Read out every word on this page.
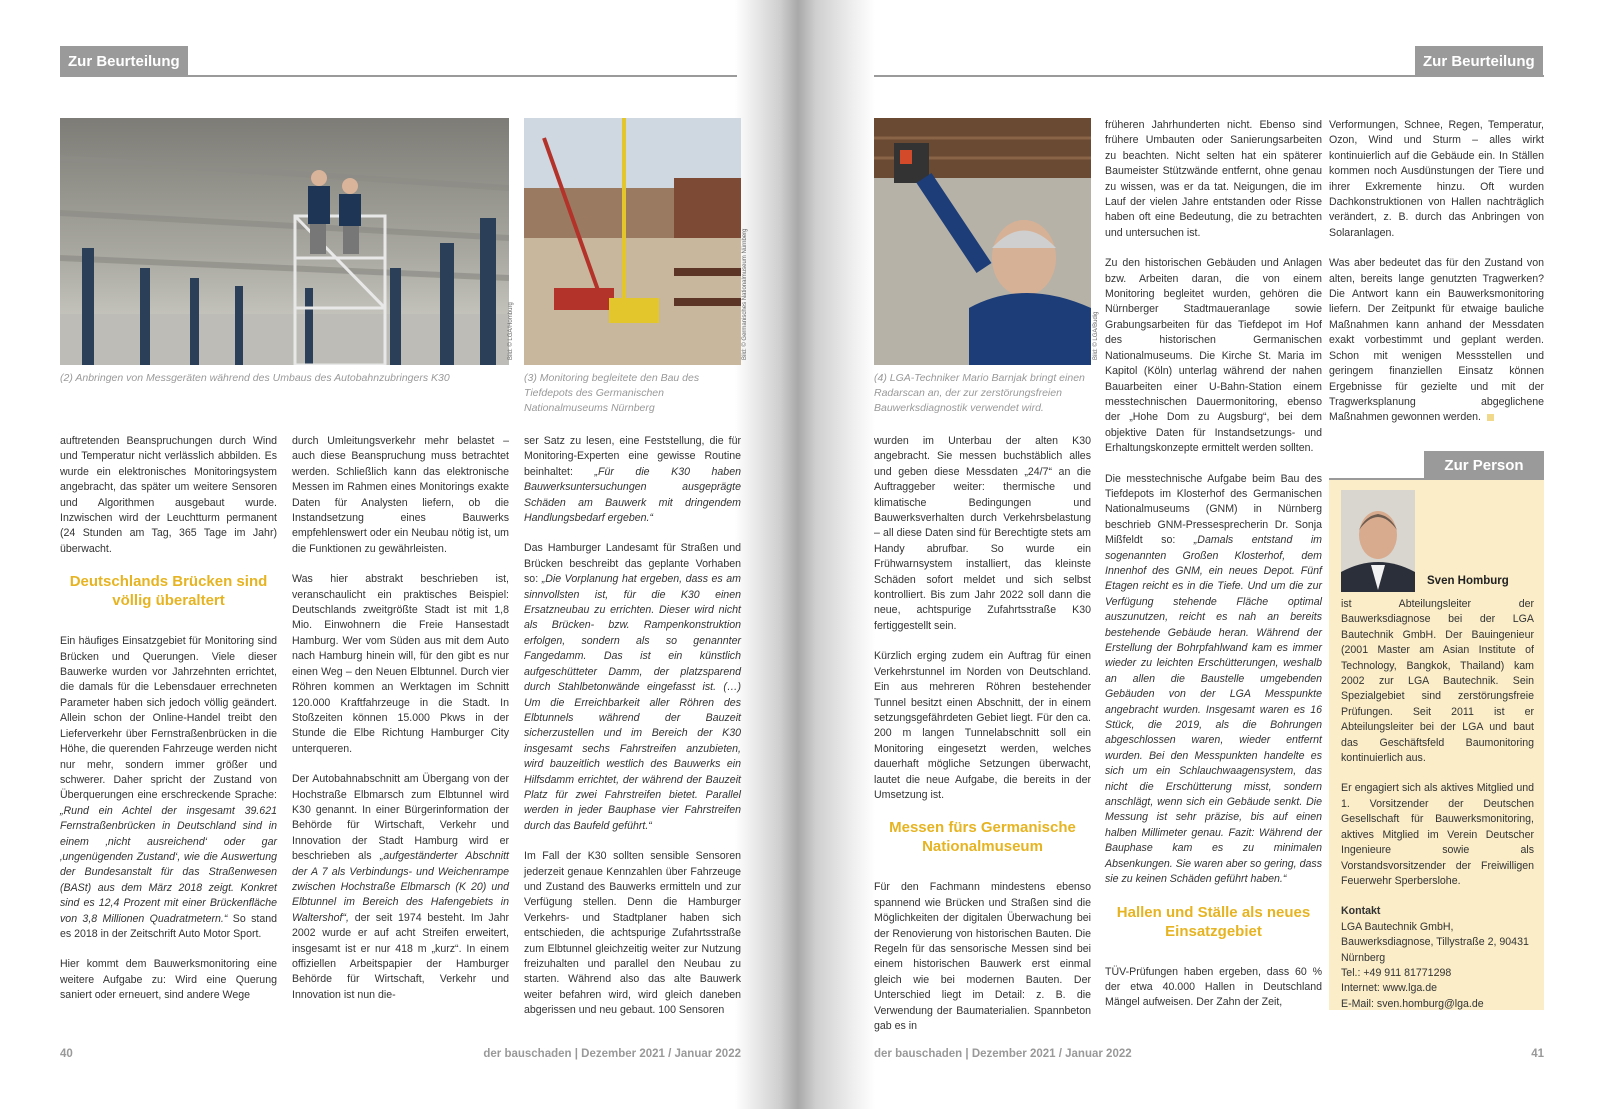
Zur Beurteilung	Zur Beurteilung
Bild: © LGA/Homburg
(2) Anbringen von Messgeräten während des Umbaus des Autobahnzubringers K30
Bild: © Germanisches Nationalmuseum Nürnberg
(3) Monitoring begleitete den Bau des Tiefdepots des Germanischen Nationalmuseums Nürnberg

auftretenden Beanspruchungen durch Wind und Temperatur nicht verlässlich abbilden. Es wurde ein elektronisches Monitoringsystem angebracht, das später um weitere Sensoren und Algorithmen ausgebaut wurde. Inzwischen wird der Leuchtturm permanent (24 Stunden am Tag, 365 Tage im Jahr) überwacht.

Deutschlands Brücken sind völlig überaltert

Ein häufiges Einsatzgebiet für Monitoring sind Brücken und Querungen. Viele dieser Bauwerke wurden vor Jahrzehnten errichtet, die damals für die Lebensdauer errechneten Parameter haben sich jedoch völlig geändert. Allein schon der Online-Handel treibt den Lieferverkehr über Fernstraßenbrücken in die Höhe, die querenden Fahrzeuge werden nicht nur mehr, sondern immer größer und schwerer. Daher spricht der Zustand von Überquerungen eine erschreckende Sprache: „Rund ein Achtel der insgesamt 39.621 Fernstraßenbrücken in Deutschland sind in einem ‚nicht ausreichend‘ oder gar ‚ungenügenden Zustand‘, wie die Auswertung der Bundesanstalt für das Straßenwesen (BASt) aus dem März 2018 zeigt. Konkret sind es 12,4 Prozent mit einer Brückenfläche von 3,8 Millionen Quadratmetern.“ So stand es 2018 in der Zeitschrift Auto Motor Sport.

Hier kommt dem Bauwerksmonitoring eine weitere Aufgabe zu: Wird eine Querung saniert oder erneuert, sind andere Wege

durch Umleitungsverkehr mehr belastet – auch diese Beanspruchung muss betrachtet werden. Schließlich kann das elektronische Messen im Rahmen eines Monitorings exakte Daten für Analysten liefern, ob die Instandsetzung eines Bauwerks empfehlenswert oder ein Neubau nötig ist, um die Funktionen zu gewährleisten.

Was hier abstrakt beschrieben ist, veranschaulicht ein praktisches Beispiel: Deutschlands zweitgrößte Stadt ist mit 1,8 Mio. Einwohnern die Freie Hansestadt Hamburg. Wer vom Süden aus mit dem Auto nach Hamburg hinein will, für den gibt es nur einen Weg – den Neuen Elbtunnel. Durch vier Röhren kommen an Werktagen im Schnitt 120.000 Kraftfahrzeuge in die Stadt. In Stoßzeiten können 15.000 Pkws in der Stunde die Elbe Richtung Hamburger City unterqueren.

Der Autobahnabschnitt am Übergang von der Hochstraße Elbmarsch zum Elbtunnel wird K30 genannt. In einer Bürgerinformation der Behörde für Wirtschaft, Verkehr und Innovation der Stadt Hamburg wird er beschrieben als „aufgeständerter Abschnitt der A 7 als Verbindungs- und Weichenrampe zwischen Hochstraße Elbmarsch (K 20) und Elbtunnel im Bereich des Hafengebiets in Waltershof“, der seit 1974 besteht. Im Jahr 2002 wurde er auf acht Streifen erweitert, insgesamt ist er nur 418 m „kurz“. In einem offiziellen Arbeitspapier der Hamburger Behörde für Wirtschaft, Verkehr und Innovation ist nun die-

ser Satz zu lesen, eine Feststellung, die für Monitoring-Experten eine gewisse Routine beinhaltet: „Für die K30 haben Bauwerksuntersuchungen ausgeprägte Schäden am Bauwerk mit dringendem Handlungsbedarf ergeben.“

Das Hamburger Landesamt für Straßen und Brücken beschreibt das geplante Vorhaben so: „Die Vorplanung hat ergeben, dass es am sinnvollsten ist, für die K30 einen Ersatzneubau zu errichten. Dieser wird nicht als Brücken- bzw. Rampenkonstruktion erfolgen, sondern als so genannter Fangedamm. Das ist ein künstlich aufgeschütteter Damm, der platzsparend durch Stahlbetonwände eingefasst ist. (…) Um die Erreichbarkeit aller Röhren des Elbtunnels während der Bauzeit sicherzustellen und im Bereich der K30 insgesamt sechs Fahrstreifen anzubieten, wird bauzeitlich westlich des Bauwerks ein Hilfsdamm errichtet, der während der Bauzeit Platz für zwei Fahrstreifen bietet. Parallel werden in jeder Bauphase vier Fahrstreifen durch das Baufeld geführt.“

Im Fall der K30 sollten sensible Sensoren jederzeit genaue Kennzahlen über Fahrzeuge und Zustand des Bauwerks ermitteln und zur Verfügung stellen. Denn die Hamburger Verkehrs- und Stadtplaner haben sich entschieden, die achtspurige Zufahrtsstraße zum Elbtunnel gleichzeitig weiter zur Nutzung freizuhalten und parallel den Neubau zu starten. Während also das alte Bauwerk weiter befahren wird, wird gleich daneben abgerissen und neu gebaut. 100 Sensoren

Bild: © LGA/Budig
(4) LGA-Techniker Mario Barnjak bringt einen Radarscan an, der zur zerstörungsfreien Bauwerksdiagnostik verwendet wird.

wurden im Unterbau der alten K30 angebracht. Sie messen buchstäblich alles und geben diese Messdaten „24/7“ an die Auftraggeber weiter: thermische und klimatische Bedingungen und Bauwerksverhalten durch Verkehrsbelastung – all diese Daten sind für Berechtigte stets am Handy abrufbar. So wurde ein Frühwarnsystem installiert, das kleinste Schäden sofort meldet und sich selbst kontrolliert. Bis zum Jahr 2022 soll dann die neue, achtspurige Zufahrtsstraße K30 fertiggestellt sein.

Kürzlich erging zudem ein Auftrag für einen Verkehrstunnel im Norden von Deutschland. Ein aus mehreren Röhren bestehender Tunnel besitzt einen Abschnitt, der in einem setzungsgefährdeten Gebiet liegt. Für den ca. 200 m langen Tunnelabschnitt soll ein Monitoring eingesetzt werden, welches dauerhaft mögliche Setzungen überwacht, lautet die neue Aufgabe, die bereits in der Umsetzung ist.

Messen fürs Germanische Nationalmuseum

Für den Fachmann mindestens ebenso spannend wie Brücken und Straßen sind die Möglichkeiten der digitalen Überwachung bei der Renovierung von historischen Bauten. Die Regeln für das sensorische Messen sind bei einem historischen Bauwerk erst einmal gleich wie bei modernen Bauten. Der Unterschied liegt im Detail: z. B. die Verwendung der Baumaterialien. Spannbeton gab es in

früheren Jahrhunderten nicht. Ebenso sind frühere Umbauten oder Sanierungsarbeiten zu beachten. Nicht selten hat ein späterer Baumeister Stützwände entfernt, ohne genau zu wissen, was er da tat. Neigungen, die im Lauf der vielen Jahre entstanden oder Risse haben oft eine Bedeutung, die zu betrachten und untersuchen ist.

Zu den historischen Gebäuden und Anlagen bzw. Arbeiten daran, die von einem Monitoring begleitet wurden, gehören die Nürnberger Stadtmaueranlage sowie Grabungsarbeiten für das Tiefdepot im Hof des historischen Germanischen Nationalmuseums. Die Kirche St. Maria im Kapitol (Köln) unterlag während der nahen Bauarbeiten einer U-Bahn-Station einem messtechnischen Dauermonitoring, ebenso der „Hohe Dom zu Augsburg“, bei dem objektive Daten für Instandsetzungs- und Erhaltungskonzepte ermittelt werden sollten.

Die messtechnische Aufgabe beim Bau des Tiefdepots im Klosterhof des Germanischen Nationalmuseums (GNM) in Nürnberg beschrieb GNM-Pressesprecherin Dr. Sonja Mißfeldt so: „Damals entstand im sogenannten Großen Klosterhof, dem Innenhof des GNM, ein neues Depot. Fünf Etagen reicht es in die Tiefe. Und um die zur Verfügung stehende Fläche optimal auszunutzen, reicht es nah an bereits bestehende Gebäude heran. Während der Erstellung der Bohrpfahlwand kam es immer wieder zu leichten Erschütterungen, weshalb an allen die Baustelle umgebenden Gebäuden von der LGA Messpunkte angebracht wurden. Insgesamt waren es 16 Stück, die 2019, als die Bohrungen abgeschlossen waren, wieder entfernt wurden. Bei den Messpunkten handelte es sich um ein Schlauchwaagensystem, das nicht die Erschütterung misst, sondern anschlägt, wenn sich ein Gebäude senkt. Die Messung ist sehr präzise, bis auf einen halben Millimeter genau. Fazit: Während der Bauphase kam es zu minimalen Absenkungen. Sie waren aber so gering, dass sie zu keinen Schäden geführt haben.“

Hallen und Ställe als neues Einsatzgebiet

TÜV-Prüfungen haben ergeben, dass 60 % der etwa 40.000 Hallen in Deutschland Mängel aufweisen. Der Zahn der Zeit,

Verformungen, Schnee, Regen, Temperatur, Ozon, Wind und Sturm – alles wirkt kontinuierlich auf die Gebäude ein. In Ställen kommen noch Ausdünstungen der Tiere und ihrer Exkremente hinzu. Oft wurden Dachkonstruktionen von Hallen nachträglich verändert, z. B. durch das Anbringen von Solaranlagen.

Was aber bedeutet das für den Zustand von alten, bereits lange genutzten Tragwerken? Die Antwort kann ein Bauwerksmonitoring liefern. Der Zeitpunkt für etwaige bauliche Maßnahmen kann anhand der Messdaten exakt vorbestimmt und geplant werden. Schon mit wenigen Messstellen und geringem finanziellen Einsatz können Ergebnisse für gezielte und mit der Tragwerksplanung abgeglichene Maßnahmen gewonnen werden.

Zur Person
Sven Homburg

ist Abteilungsleiter der Bauwerksdiagnose bei der LGA Bautechnik GmbH. Der Bauingenieur (2001 Master am Asian Institute of Technology, Bangkok, Thailand) kam 2002 zur LGA Bautechnik. Sein Spezialgebiet sind zerstörungsfreie Prüfungen. Seit 2011 ist er Abteilungsleiter bei der LGA und baut das Geschäftsfeld Baumonitoring kontinuierlich aus.

Er engagiert sich als aktives Mitglied und 1. Vorsitzender der Deutschen Gesellschaft für Bauwerksmonitoring, aktives Mitglied im Verein Deutscher Ingenieure sowie als Vorstandsvorsitzender der Freiwilligen Feuerwehr Sperberslohe.

Kontakt
LGA Bautechnik GmbH, Bauwerksdiagnose, Tillystraße 2, 90431 Nürnberg
Tel.: +49 911 81771298
Internet: www.lga.de
E-Mail: sven.homburg@lga.de

40	der bauschaden | Dezember 2021 / Januar 2022	der bauschaden | Dezember 2021 / Januar 2022	41
